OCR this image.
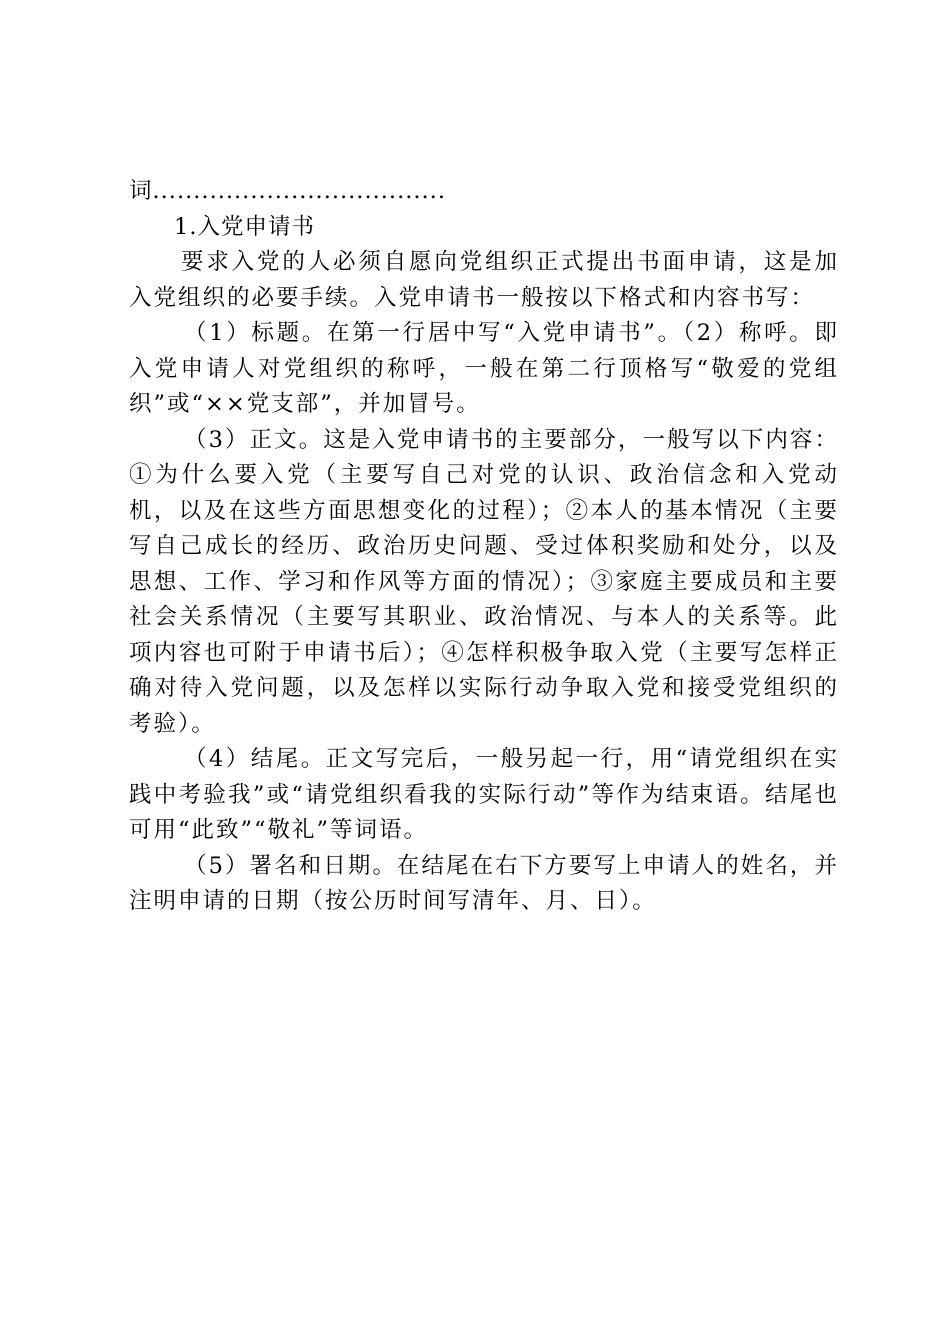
词....................................

1.入党申请书

要求入党的人必须自愿向党组织正式提出书面申请，这是加入党组织的必要手续。入党申请书一般按以下格式和内容书写：

（1）标题。在第一行居中写“入党申请书”。（2）称呼。即入党申请人对党组织的称呼，一般在第二行顶格写“敬爱的党组织”或“××党支部”，并加冒号。

（3）正文。这是入党申请书的主要部分，一般写以下内容：①为什么要入党（主要写自己对党的认识、政治信念和入党动机，以及在这些方面思想变化的过程）；②本人的基本情况（主要写自己成长的经历、政治历史问题、受过体积奖励和处分，以及思想、工作、学习和作风等方面的情况）；③家庭主要成员和主要社会关系情况（主要写其职业、政治情况、与本人的关系等。此项内容也可附于申请书后）；④怎样积极争取入党（主要写怎样正确对待入党问题，以及怎样以实际行动争取入党和接受党组织的考验）。

（4）结尾。正文写完后，一般另起一行，用“请党组织在实践中考验我”或“请党组织看我的实际行动”等作为结束语。结尾也可用“此致”“敬礼”等词语。

（5）署名和日期。在结尾在右下方要写上申请人的姓名，并注明申请的日期（按公历时间写清年、月、日）。
